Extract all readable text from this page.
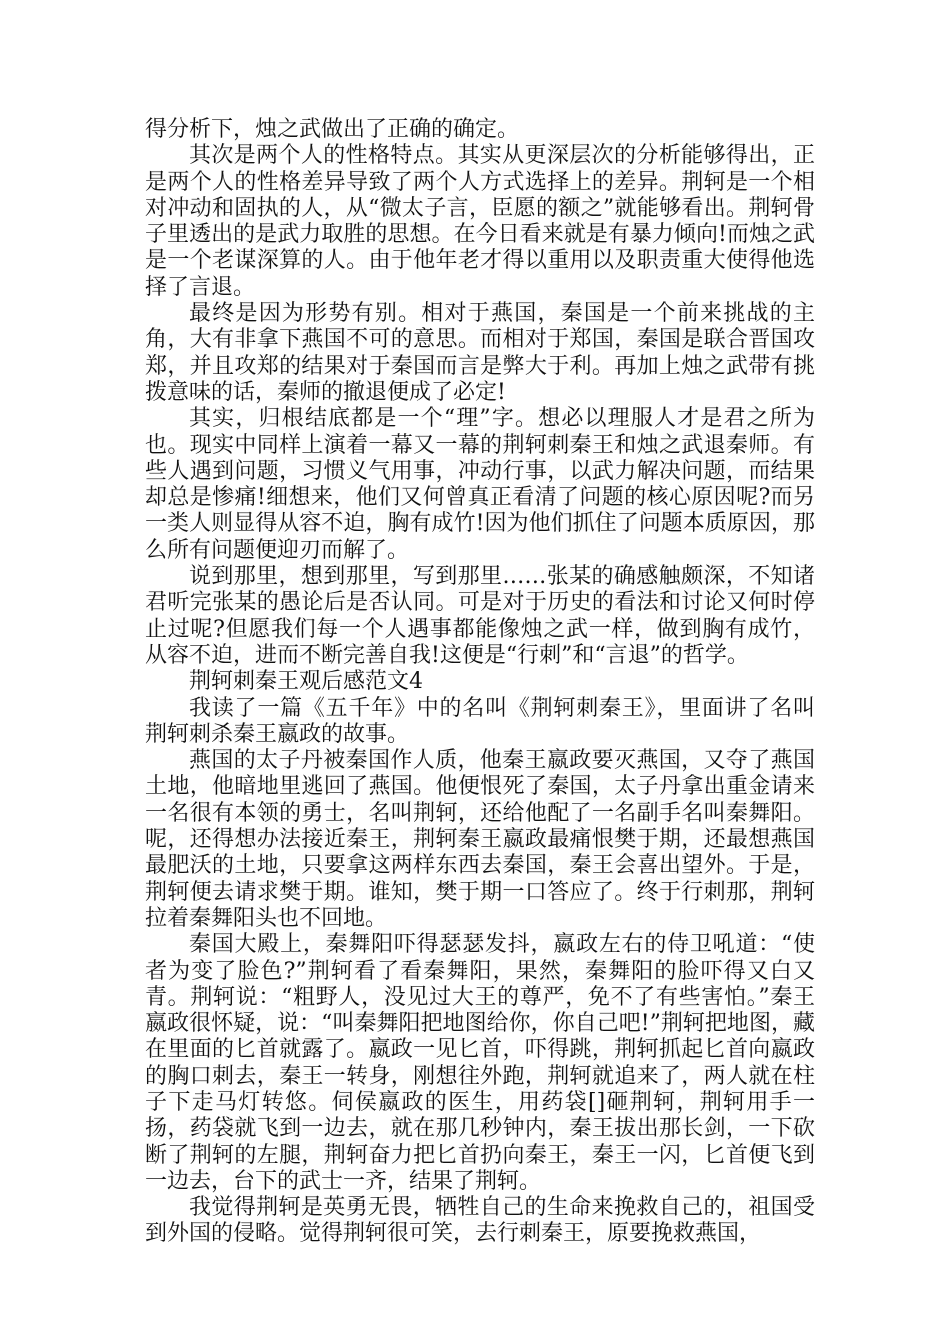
得分析下，烛之武做出了正确的确定。

其次是两个人的性格特点。其实从更深层次的分析能够得出，正是两个人的性格差异导致了两个人方式选择上的差异。荆轲是一个相对冲动和固执的人，从“微太子言，臣愿的额之”就能够看出。荆轲骨子里透出的是武力取胜的思想。在今日看来就是有暴力倾向!而烛之武是一个老谋深算的人。由于他年老才得以重用以及职责重大使得他选择了言退。

最终是因为形势有别。相对于燕国，秦国是一个前来挑战的主角，大有非拿下燕国不可的意思。而相对于郑国，秦国是联合晋国攻郑，并且攻郑的结果对于秦国而言是弊大于利。再加上烛之武带有挑拨意味的话，秦师的撤退便成了必定!

其实，归根结底都是一个“理”字。想必以理服人才是君之所为也。现实中同样上演着一幕又一幕的荆轲刺秦王和烛之武退秦师。有些人遇到问题，习惯义气用事，冲动行事，以武力解决问题，而结果却总是惨痛!细想来，他们又何曾真正看清了问题的核心原因呢?而另一类人则显得从容不迫，胸有成竹!因为他们抓住了问题本质原因，那么所有问题便迎刃而解了。

说到那里，想到那里，写到那里……张某的确感触颇深，不知诸君听完张某的愚论后是否认同。可是对于历史的看法和讨论又何时停止过呢?但愿我们每一个人遇事都能像烛之武一样，做到胸有成竹，从容不迫，进而不断完善自我!这便是“行刺”和“言退”的哲学。

荆轲刺秦王观后感范文4

我读了一篇《五千年》中的名叫《荆轲刺秦王》，里面讲了名叫荆轲刺杀秦王嬴政的故事。

燕国的太子丹被秦国作人质，他秦王嬴政要灭燕国，又夺了燕国土地，他暗地里逃回了燕国。他便恨死了秦国，太子丹拿出重金请来一名很有本领的勇士，名叫荆轲，还给他配了一名副手名叫秦舞阳。呢，还得想办法接近秦王，荆轲秦王嬴政最痛恨樊于期，还最想燕国最肥沃的土地，只要拿这两样东西去秦国，秦王会喜出望外。于是，荆轲便去请求樊于期。谁知，樊于期一口答应了。终于行刺那，荆轲拉着秦舞阳头也不回地。

秦国大殿上，秦舞阳吓得瑟瑟发抖，嬴政左右的侍卫吼道：“使者为变了脸色?”荆轲看了看秦舞阳，果然，秦舞阳的脸吓得又白又青。荆轲说：“粗野人，没见过大王的尊严，免不了有些害怕。”秦王嬴政很怀疑，说：“叫秦舞阳把地图给你，你自己吧!”荆轲把地图，藏在里面的匕首就露了。嬴政一见匕首，吓得跳，荆轲抓起匕首向嬴政的胸口刺去，秦王一转身，刚想往外跑，荆轲就追来了，两人就在柱子下走马灯转悠。伺侯嬴政的医生，用药袋[]砸荆轲，荆轲用手一扬，药袋就飞到一边去，就在那几秒钟内，秦王拔出那长剑，一下砍断了荆轲的左腿，荆轲奋力把匕首扔向秦王，秦王一闪，匕首便飞到一边去，台下的武士一齐，结果了荆轲。

我觉得荆轲是英勇无畏，牺牲自己的生命来挽救自己的，祖国受到外国的侵略。觉得荆轲很可笑，去行刺秦王，原要挽救燕国，
